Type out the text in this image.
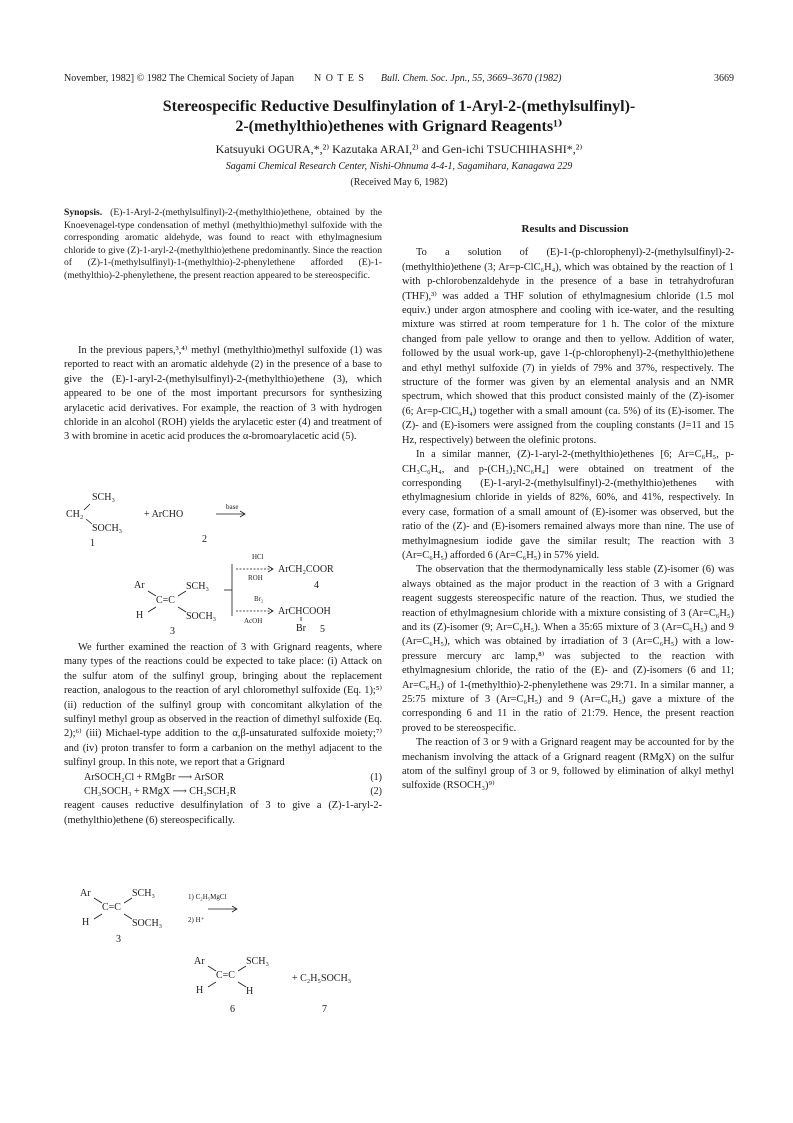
November, 1982] © 1982 The Chemical Society of Japan N O T E S Bull. Chem. Soc. Jpn., 55, 3669–3670 (1982)	3669
Stereospecific Reductive Desulfinylation of 1-Aryl-2-(methylsulfinyl)-
2-(methylthio)ethenes with Grignard Reagents¹⁾
Katsuyuki OGURA,*,²⁾ Kazutaka ARAI,²⁾ and Gen-ichi TSUCHIHASHI*,²⁾
Sagami Chemical Research Center, Nishi-Ohnuma 4-4-1, Sagamihara, Kanagawa 229
(Received May 6, 1982)

Synopsis. (E)-1-Aryl-2-(methylsulfinyl)-2-(methylthio)ethene, obtained by the Knoevenagel-type condensation of methyl (methylthio)methyl sulfoxide with the corresponding aromatic aldehyde, was found to react with ethylmagnesium chloride to give (Z)-1-aryl-2-(methylthio)ethene predominantly. Since the reaction of (Z)-1-(methylsulfinyl)-1-(methylthio)-2-phenylethene afforded (E)-1-(methylthio)-2-phenylethene, the present reaction appeared to be stereospecific.

In the previous papers,³,⁴⁾ methyl (methylthio)methyl sulfoxide (1) was reported to react with an aromatic aldehyde (2) in the presence of a base to give the (E)-1-aryl-2-(methylsulfinyl)-2-(methylthio)ethene (3), which appeared to be one of the most important precursors for synthesizing arylacetic acid derivatives. For example, the reaction of 3 with hydrogen chloride in an alcohol (ROH) yields the arylacetic ester (4) and treatment of 3 with bromine in acetic acid produces the α-bromoarylacetic acid (5).

SCH₃
CH₂
SOCH₃
+ ArCHO
base
1	2
Ar
C=C
H
SCH₃
SOCH₃
3
HCl
ROH
ArCH₂COOR
4
Br₂
AcOH
ArCHCOOH
Br 5

We further examined the reaction of 3 with Grignard reagents, where many types of the reactions could be expected to take place: (i) Attack on the sulfur atom of the sulfinyl group, bringing about the replacement reaction, analogous to the reaction of aryl chloromethyl sulfoxide (Eq. 1);⁵⁾ (ii) reduction of the sulfinyl group with concomitant alkylation of the sulfinyl methyl group as observed in the reaction of dimethyl sulfoxide (Eq. 2);⁶⁾ (iii) Michael-type addition to the α,β-unsaturated sulfoxide moiety;⁷⁾ and (iv) proton transfer to form a carbanion on the methyl adjacent to the sulfinyl group. In this note, we report that a Grignard

ArSOCH₂Cl + RMgBr ⟶ ArSOR	(1)
CH₃SOCH₃ + RMgX ⟶ CH₃SCH₂R	(2)

reagent causes reductive desulfinylation of 3 to give a (Z)-1-aryl-2-(methylthio)ethene (6) stereospecifically.

Ar
C=C
H
SCH₃
SOCH₃
1) C₂H₅MgCl
2) H⁺
3
Ar
C=C
H
SCH₃
H
+ C₂H₅SOCH₃
6	7

Results and Discussion

To a solution of (E)-1-(p-chlorophenyl)-2-(methylsulfinyl)-2-(methylthio)ethene (3; Ar=p-ClC₆H₄), which was obtained by the reaction of 1 with p-chlorobenzaldehyde in the presence of a base in tetrahydrofuran (THF),³⁾ was added a THF solution of ethylmagnesium chloride (1.5 mol equiv.) under argon atmosphere and cooling with ice-water, and the resulting mixture was stirred at room temperature for 1 h. The color of the mixture changed from pale yellow to orange and then to yellow. Addition of water, followed by the usual work-up, gave 1-(p-chlorophenyl)-2-(methylthio)ethene and ethyl methyl sulfoxide (7) in yields of 79% and 37%, respectively. The structure of the former was given by an elemental analysis and an NMR spectrum, which showed that this product consisted mainly of the (Z)-isomer (6; Ar=p-ClC₆H₄) together with a small amount (ca. 5%) of its (E)-isomer. The (Z)- and (E)-isomers were assigned from the coupling constants (J=11 and 15 Hz, respectively) between the olefinic protons.

In a similar manner, (Z)-1-aryl-2-(methylthio)ethenes [6; Ar=C₆H₅, p-CH₃C₆H₄, and p-(CH₃)₂NC₆H₄] were obtained on treatment of the corresponding (E)-1-aryl-2-(methylsulfinyl)-2-(methylthio)ethenes with ethylmagnesium chloride in yields of 82%, 60%, and 41%, respectively. In every case, formation of a small amount of (E)-isomer was observed, but the ratio of the (Z)- and (E)-isomers remained always more than nine. The use of methylmagnesium iodide gave the similar result; The reaction with 3 (Ar=C₆H₅) afforded 6 (Ar=C₆H₅) in 57% yield.

The observation that the thermodynamically less stable (Z)-isomer (6) was always obtained as the major product in the reaction of 3 with a Grignard reagent suggests stereospecific nature of the reaction. Thus, we studied the reaction of ethylmagnesium chloride with a mixture consisting of 3 (Ar=C₆H₅) and its (Z)-isomer (9; Ar=C₆H₅). When a 35:65 mixture of 3 (Ar=C₆H₅) and 9 (Ar=C₆H₅), which was obtained by irradiation of 3 (Ar=C₆H₅) with a low-pressure mercury arc lamp,⁸⁾ was subjected to the reaction with ethylmagnesium chloride, the ratio of the (E)- and (Z)-isomers (6 and 11; Ar=C₆H₅) of 1-(methylthio)-2-phenylethene was 29:71. In a similar manner, a 25:75 mixture of 3 (Ar=C₆H₅) and 9 (Ar=C₆H₅) gave a mixture of the corresponding 6 and 11 in the ratio of 21:79. Hence, the present reaction proved to be stereospecific.

The reaction of 3 or 9 with a Grignard reagent may be accounted for by the mechanism involving the attack of a Grignard reagent (RMgX) on the sulfur atom of the sulfinyl group of 3 or 9, followed by elimination of alkyl methyl sulfoxide (RSOCH₃)⁹⁾
